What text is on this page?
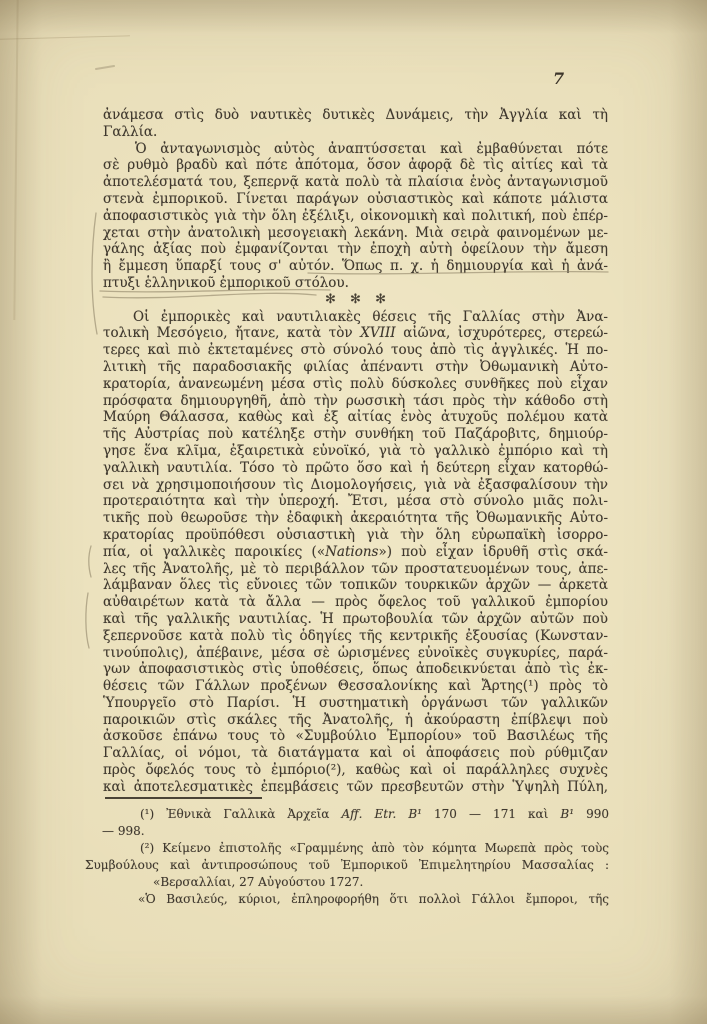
7
ἀνάμεσα στὶς δυὸ ναυτικὲς δυτικὲς Δυνάμεις, τὴν Ἀγγλία καὶ τὴ
Γαλλία.
Ὁ ἀνταγωνισμὸς αὐτὸς ἀναπτύσσεται καὶ ἐμβαθύνεται πότε
σὲ ρυθμὸ βραδὺ καὶ πότε ἀπότομα, ὅσον ἀφορᾷ δὲ τὶς αἰτίες καὶ τὰ
ἀποτελέσματά του, ξεπερνᾷ κατὰ πολὺ τὰ πλαίσια ἑνὸς ἀνταγωνισμοῦ
στενὰ ἐμπορικοῦ. Γίνεται παράγων οὐσιαστικὸς καὶ κάποτε μάλιστα
ἀποφασιστικὸς γιὰ τὴν ὅλη ἐξέλιξι, οἰκονομικὴ καὶ πολιτική, ποὺ ἐπέρ-
χεται στὴν ἀνατολικὴ μεσογειακὴ λεκάνη. Μιὰ σειρὰ φαινομένων με-
γάλης ἀξίας ποὺ ἐμφανίζονται τὴν ἐποχὴ αὐτὴ ὀφείλουν τὴν ἄμεση
ἢ ἔμμεση ὕπαρξί τους σ' αὐτόν. Ὅπως π. χ. ἡ δημιουργία καὶ ἡ ἀνά-
πτυξι ἑλληνικοῦ ἐμπορικοῦ στόλου.
✻ ✻ ✻
Οἱ ἐμπορικὲς καὶ ναυτιλιακὲς θέσεις τῆς Γαλλίας στὴν Ἀνα-
τολικὴ Μεσόγειο, ἤτανε, κατὰ τὸν XVIII αἰῶνα, ἰσχυρότερες, στερεώ-
τερες καὶ πιὸ ἐκτεταμένες στὸ σύνολό τους ἀπὸ τὶς ἀγγλικές. Ἡ πο-
λιτικὴ τῆς παραδοσιακῆς φιλίας ἀπέναντι στὴν Ὀθωμανικὴ Αὐτο-
κρατορία, ἀνανεωμένη μέσα στὶς πολὺ δύσκολες συνθῆκες ποὺ εἶχαν
πρόσφατα δημιουργηθῆ, ἀπὸ τὴν ρωσσικὴ τάσι πρὸς τὴν κάθοδο στὴ
Μαύρη Θάλασσα, καθὼς καὶ ἐξ αἰτίας ἑνὸς ἀτυχοῦς πολέμου κατὰ
τῆς Αὐστρίας ποὺ κατέληξε στὴν συνθήκη τοῦ Παζάροβιτς, δημιούρ-
γησε ἕνα κλῖμα, ἐξαιρετικὰ εὐνοϊκό, γιὰ τὸ γαλλικὸ ἐμπόριο καὶ τὴ
γαλλικὴ ναυτιλία. Τόσο τὸ πρῶτο ὅσο καὶ ἡ δεύτερη εἶχαν κατορθώ-
σει νὰ χρησιμοποιήσουν τὶς Διομολογήσεις, γιὰ νὰ ἐξασφαλίσουν τὴν
προτεραιότητα καὶ τὴν ὑπεροχή. Ἔτσι, μέσα στὸ σύνολο μιᾶς πολι-
τικῆς ποὺ θεωροῦσε τὴν ἐδαφικὴ ἀκεραιότητα τῆς Ὀθωμανικῆς Αὐτο-
κρατορίας προϋπόθεσι οὐσιαστικὴ γιὰ τὴν ὅλη εὐρωπαϊκὴ ἰσορρο-
πία, οἱ γαλλικὲς παροικίες («Nations») ποὺ εἶχαν ἱδρυθῆ στὶς σκά-
λες τῆς Ἀνατολῆς, μὲ τὸ περιβάλλον τῶν προστατευομένων τους, ἀπε-
λάμβαναν ὅλες τὶς εὔνοιες τῶν τοπικῶν τουρκικῶν ἀρχῶν — ἀρκετὰ
αὐθαιρέτων κατὰ τὰ ἄλλα — πρὸς ὄφελος τοῦ γαλλικοῦ ἐμπορίου
καὶ τῆς γαλλικῆς ναυτιλίας. Ἡ πρωτοβουλία τῶν ἀρχῶν αὐτῶν ποὺ
ξεπερνοῦσε κατὰ πολὺ τὶς ὁδηγίες τῆς κεντρικῆς ἐξουσίας (Κωνσταν-
τινούπολις), ἀπέβαινε, μέσα σὲ ὡρισμένες εὐνοϊκὲς συγκυρίες, παρά-
γων ἀποφασιστικὸς στὶς ὑποθέσεις, ὅπως ἀποδεικνύεται ἀπὸ τὶς ἐκ-
θέσεις τῶν Γάλλων προξένων Θεσσαλονίκης καὶ Ἄρτης(¹) πρὸς τὸ
Ὑπουργεῖο στὸ Παρίσι. Ἡ συστηματικὴ ὀργάνωσι τῶν γαλλικῶν
παροικιῶν στὶς σκάλες τῆς Ἀνατολῆς, ἡ ἀκούραστη ἐπίβλεψι ποὺ
ἀσκοῦσε ἐπάνω τους τὸ «Συμβούλιο Ἐμπορίου» τοῦ Βασιλέως τῆς
Γαλλίας, οἱ νόμοι, τὰ διατάγματα καὶ οἱ ἀποφάσεις ποὺ ρύθμιζαν
πρὸς ὄφελός τους τὸ ἐμπόριο(²), καθὼς καὶ οἱ παράλληλες συχνὲς
καὶ ἀποτελεσματικὲς ἐπεμβάσεις τῶν πρεσβευτῶν στὴν Ὑψηλὴ Πύλη,
(¹) Ἐθνικὰ Γαλλικὰ Ἀρχεῖα Aff. Etr. B¹ 170 — 171 καὶ B¹ 990
— 998.
(²) Κείμενο ἐπιστολῆς «Γραμμένης ἀπὸ τὸν κόμητα Μωρεπὰ πρὸς τοὺς
Συμβούλους καὶ ἀντιπροσώπους τοῦ Ἐμπορικοῦ Ἐπιμελητηρίου Μασσαλίας :
«Βερσαλλίαι, 27 Αὐγούστου 1727.
«Ὁ Βασιλεύς, κύριοι, ἐπληροφορήθη ὅτι πολλοὶ Γάλλοι ἔμποροι, τῆς
